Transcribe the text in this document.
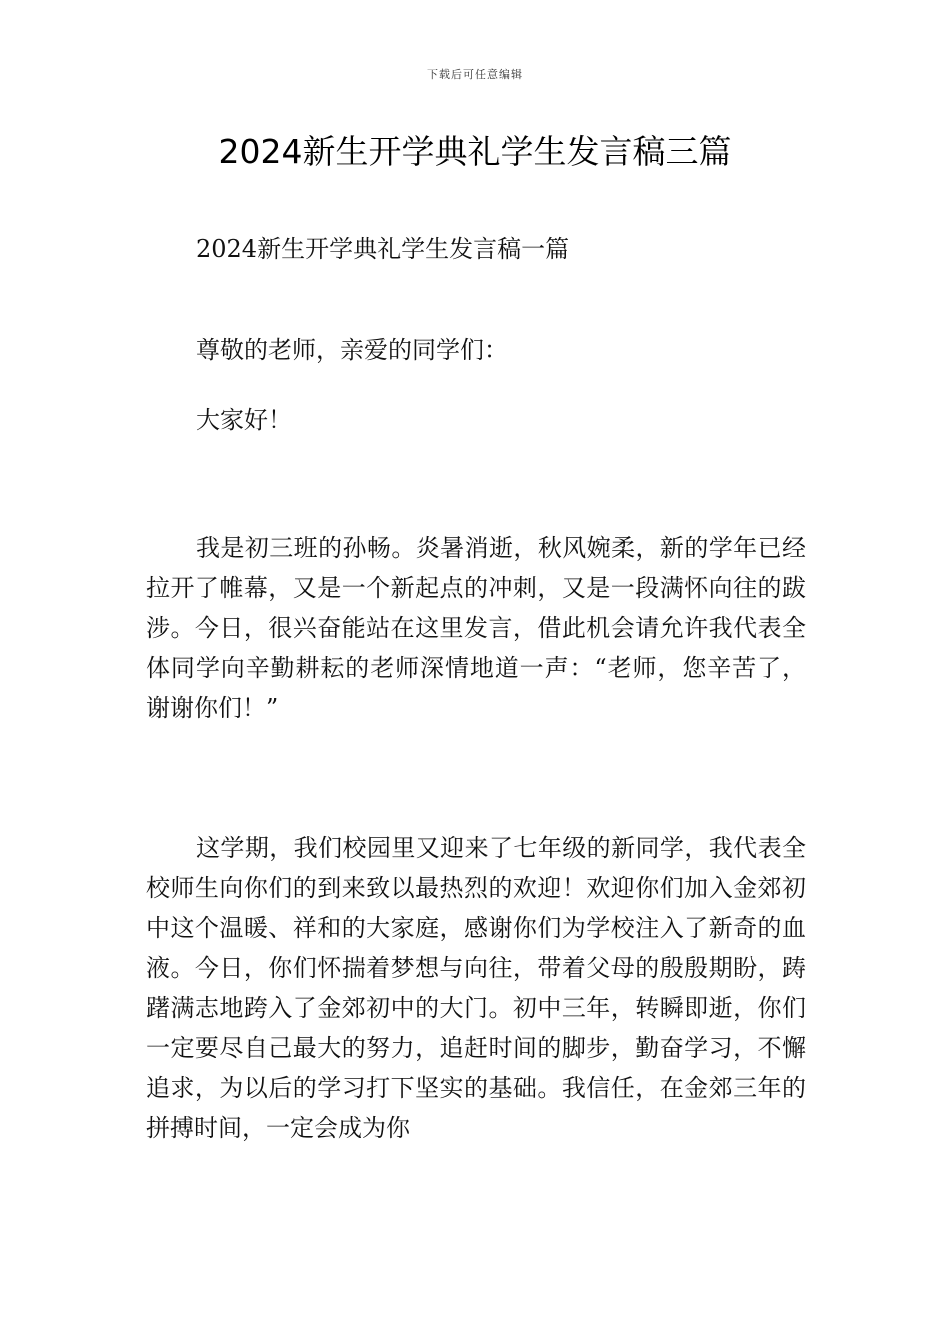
下载后可任意编辑
2024新生开学典礼学生发言稿三篇

2024新生开学典礼学生发言稿一篇

尊敬的老师，亲爱的同学们：

大家好！

我是初三班的孙畅。炎暑消逝，秋风婉柔，新的学年已经拉开了帷幕，又是一个新起点的冲刺，又是一段满怀向往的跋涉。今日，很兴奋能站在这里发言，借此机会请允许我代表全体同学向辛勤耕耘的老师深情地道一声：“老师，您辛苦了，谢谢你们！”

这学期，我们校园里又迎来了七年级的新同学，我代表全校师生向你们的到来致以最热烈的欢迎！欢迎你们加入金郊初中这个温暖、祥和的大家庭，感谢你们为学校注入了新奇的血液。今日，你们怀揣着梦想与向往，带着父母的殷殷期盼，踌躇满志地跨入了金郊初中的大门。初中三年，转瞬即逝，你们一定要尽自己最大的努力，追赶时间的脚步，勤奋学习，不懈追求，为以后的学习打下坚实的基础。我信任，在金郊三年的拼搏时间，一定会成为你
